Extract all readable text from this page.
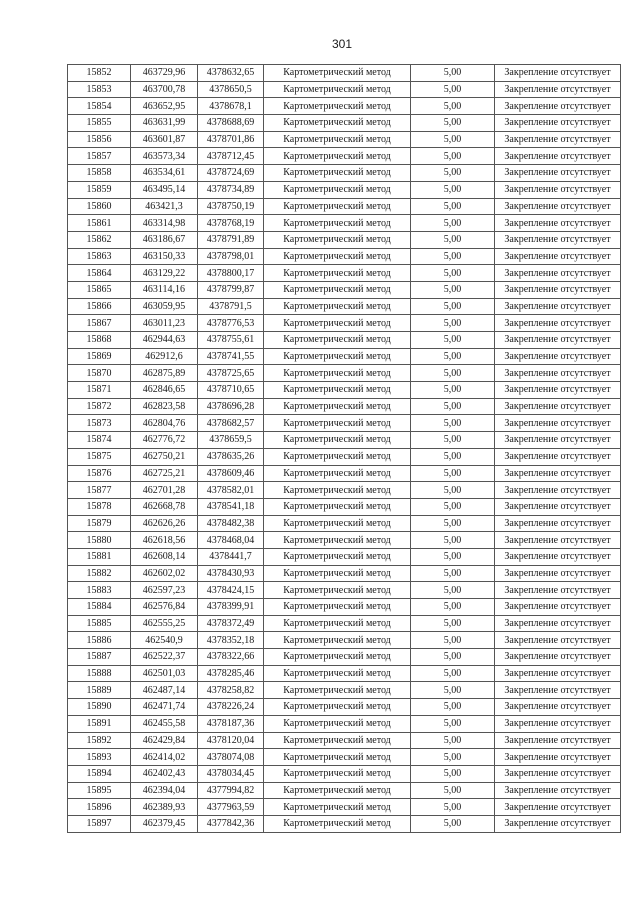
301
15852	463729,96	4378632,65	Картометрический метод	5,00	Закрепление отсутствует
15853	463700,78	4378650,5	Картометрический метод	5,00	Закрепление отсутствует
15854	463652,95	4378678,1	Картометрический метод	5,00	Закрепление отсутствует
15855	463631,99	4378688,69	Картометрический метод	5,00	Закрепление отсутствует
15856	463601,87	4378701,86	Картометрический метод	5,00	Закрепление отсутствует
15857	463573,34	4378712,45	Картометрический метод	5,00	Закрепление отсутствует
15858	463534,61	4378724,69	Картометрический метод	5,00	Закрепление отсутствует
15859	463495,14	4378734,89	Картометрический метод	5,00	Закрепление отсутствует
15860	463421,3	4378750,19	Картометрический метод	5,00	Закрепление отсутствует
15861	463314,98	4378768,19	Картометрический метод	5,00	Закрепление отсутствует
15862	463186,67	4378791,89	Картометрический метод	5,00	Закрепление отсутствует
15863	463150,33	4378798,01	Картометрический метод	5,00	Закрепление отсутствует
15864	463129,22	4378800,17	Картометрический метод	5,00	Закрепление отсутствует
15865	463114,16	4378799,87	Картометрический метод	5,00	Закрепление отсутствует
15866	463059,95	4378791,5	Картометрический метод	5,00	Закрепление отсутствует
15867	463011,23	4378776,53	Картометрический метод	5,00	Закрепление отсутствует
15868	462944,63	4378755,61	Картометрический метод	5,00	Закрепление отсутствует
15869	462912,6	4378741,55	Картометрический метод	5,00	Закрепление отсутствует
15870	462875,89	4378725,65	Картометрический метод	5,00	Закрепление отсутствует
15871	462846,65	4378710,65	Картометрический метод	5,00	Закрепление отсутствует
15872	462823,58	4378696,28	Картометрический метод	5,00	Закрепление отсутствует
15873	462804,76	4378682,57	Картометрический метод	5,00	Закрепление отсутствует
15874	462776,72	4378659,5	Картометрический метод	5,00	Закрепление отсутствует
15875	462750,21	4378635,26	Картометрический метод	5,00	Закрепление отсутствует
15876	462725,21	4378609,46	Картометрический метод	5,00	Закрепление отсутствует
15877	462701,28	4378582,01	Картометрический метод	5,00	Закрепление отсутствует
15878	462668,78	4378541,18	Картометрический метод	5,00	Закрепление отсутствует
15879	462626,26	4378482,38	Картометрический метод	5,00	Закрепление отсутствует
15880	462618,56	4378468,04	Картометрический метод	5,00	Закрепление отсутствует
15881	462608,14	4378441,7	Картометрический метод	5,00	Закрепление отсутствует
15882	462602,02	4378430,93	Картометрический метод	5,00	Закрепление отсутствует
15883	462597,23	4378424,15	Картометрический метод	5,00	Закрепление отсутствует
15884	462576,84	4378399,91	Картометрический метод	5,00	Закрепление отсутствует
15885	462555,25	4378372,49	Картометрический метод	5,00	Закрепление отсутствует
15886	462540,9	4378352,18	Картометрический метод	5,00	Закрепление отсутствует
15887	462522,37	4378322,66	Картометрический метод	5,00	Закрепление отсутствует
15888	462501,03	4378285,46	Картометрический метод	5,00	Закрепление отсутствует
15889	462487,14	4378258,82	Картометрический метод	5,00	Закрепление отсутствует
15890	462471,74	4378226,24	Картометрический метод	5,00	Закрепление отсутствует
15891	462455,58	4378187,36	Картометрический метод	5,00	Закрепление отсутствует
15892	462429,84	4378120,04	Картометрический метод	5,00	Закрепление отсутствует
15893	462414,02	4378074,08	Картометрический метод	5,00	Закрепление отсутствует
15894	462402,43	4378034,45	Картометрический метод	5,00	Закрепление отсутствует
15895	462394,04	4377994,82	Картометрический метод	5,00	Закрепление отсутствует
15896	462389,93	4377963,59	Картометрический метод	5,00	Закрепление отсутствует
15897	462379,45	4377842,36	Картометрический метод	5,00	Закрепление отсутствует
